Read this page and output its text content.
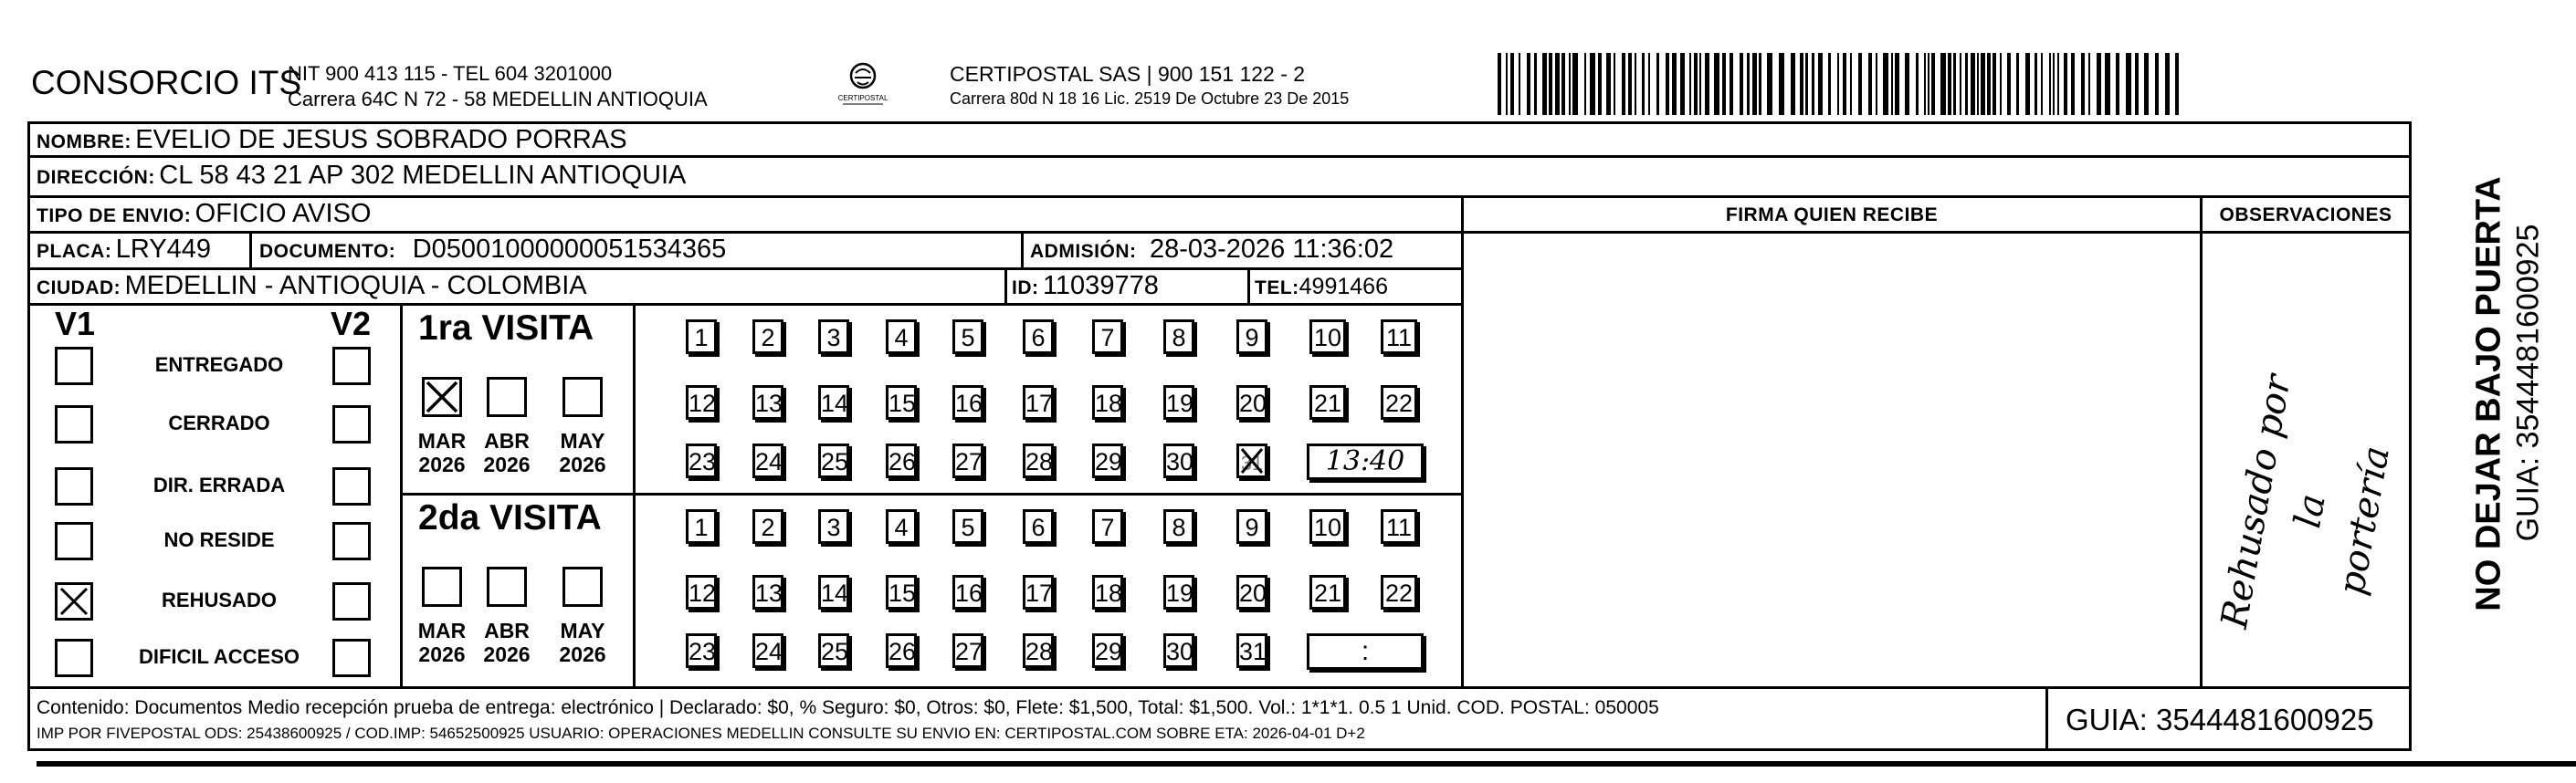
CONSORCIO ITS
NIT 900 413 115 - TEL 604 3201000
Carrera 64C N 72 - 58 MEDELLIN ANTIOQUIA	CERTIPOSTAL
CERTIPOSTAL SAS | 900 151 122 - 2
Carrera 80d N 18 16 Lic. 2519 De Octubre 23 De 2015
NOMBRE: EVELIO DE JESUS SOBRADO PORRAS
DIRECCIÓN: CL 58 43 21 AP 302 MEDELLIN ANTIOQUIA
TIPO DE ENVIO: OFICIO AVISO	FIRMA QUIEN RECIBE	OBSERVACIONES
PLACA: LRY449	DOCUMENTO: D05001000000051534365	ADMISIÓN: 28-03-2026 11:36:02
CIUDAD: MEDELLIN - ANTIOQUIA - COLOMBIA	ID: 11039778	TEL:4991466
V1	V2
ENTREGADO
CERRADO
DIR. ERRADA
NO RESIDE
REHUSADO
DIFICIL ACCESO
1ra VISITA
MAR
2026
ABR
2026
MAY
2026
1	2	3	4	5	6	7	8	9	10 11
12 13 14 15 16 17 18 19 20 21 22
23 24 25 26 27 28 29 30 31	13:40
2da VISITA
MAR
2026
ABR
2026
MAY
2026
1	2	3	4	5	6	7	8	9	10 11
12 13 14 15 16 17 18 19 20 21 22
23 24 25 26 27 28 29 30 31	:
Rehusado por la
portería
Contenido: Documentos Medio recepción prueba de entrega: electrónico | Declarado: $0, % Seguro: $0, Otros: $0, Flete: $1,500, Total: $1,500. Vol.: 1*1*1. 0.5 1 Unid. COD. POSTAL: 050005
IMP POR FIVEPOSTAL ODS: 25438600925 / COD.IMP: 54652500925 USUARIO: OPERACIONES MEDELLIN CONSULTE SU ENVIO EN: CERTIPOSTAL.COM SOBRE ETA: 2026-04-01 D+2	GUIA: 3544481600925
NO DEJAR BAJO PUERTA GUIA: 3544481600925
